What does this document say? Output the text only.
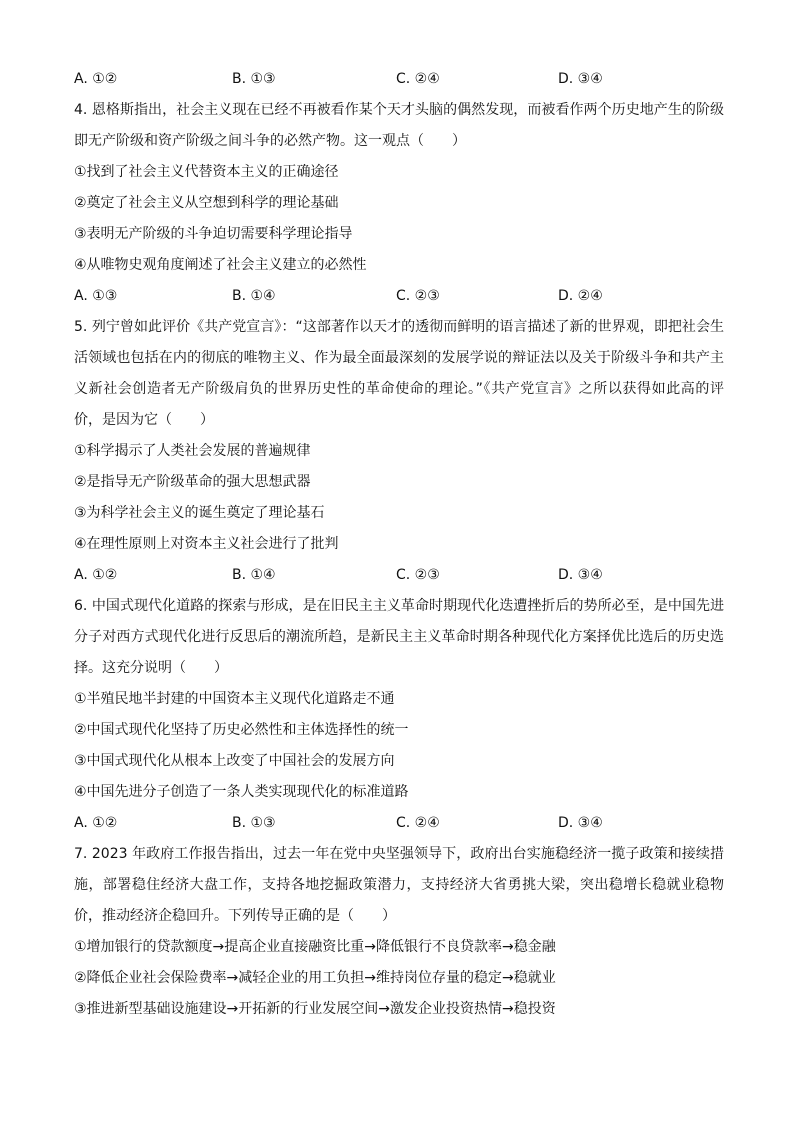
A. ①②	B. ①③	C. ②④	D. ③④
4. 恩格斯指出，社会主义现在已经不再被看作某个天才头脑的偶然发现，而被看作两个历史地产生的阶级即无产阶级和资产阶级之间斗争的必然产物。这一观点（　　）
①找到了社会主义代替资本主义的正确途径
②奠定了社会主义从空想到科学的理论基础
③表明无产阶级的斗争迫切需要科学理论指导
④从唯物史观角度阐述了社会主义建立的必然性
A. ①③	B. ①④	C. ②③	D. ②④
5. 列宁曾如此评价《共产党宣言》：“这部著作以天才的透彻而鲜明的语言描述了新的世界观，即把社会生活领域也包括在内的彻底的唯物主义、作为最全面最深刻的发展学说的辩证法以及关于阶级斗争和共产主义新社会创造者无产阶级肩负的世界历史性的革命使命的理论。”《共产党宣言》之所以获得如此高的评价，是因为它（　　）
①科学揭示了人类社会发展的普遍规律
②是指导无产阶级革命的强大思想武器
③为科学社会主义的诞生奠定了理论基石
④在理性原则上对资本主义社会进行了批判
A. ①②	B. ①④	C. ②③	D. ③④
6. 中国式现代化道路的探索与形成，是在旧民主主义革命时期现代化迭遭挫折后的势所必至，是中国先进分子对西方式现代化进行反思后的潮流所趋，是新民主主义革命时期各种现代化方案择优比选后的历史选择。这充分说明（　　）
①半殖民地半封建的中国资本主义现代化道路走不通
②中国式现代化坚持了历史必然性和主体选择性的统一
③中国式现代化从根本上改变了中国社会的发展方向
④中国先进分子创造了一条人类实现现代化的标准道路
A. ①②	B. ①③	C. ②④	D. ③④
7. 2023 年政府工作报告指出，过去一年在党中央坚强领导下，政府出台实施稳经济一揽子政策和接续措施，部署稳住经济大盘工作，支持各地挖掘政策潜力，支持经济大省勇挑大梁，突出稳增长稳就业稳物价，推动经济企稳回升。下列传导正确的是（　　）
①增加银行的贷款额度→提高企业直接融资比重→降低银行不良贷款率→稳金融
②降低企业社会保险费率→减轻企业的用工负担→维持岗位存量的稳定→稳就业
③推进新型基础设施建设→开拓新的行业发展空间→激发企业投资热情→稳投资
